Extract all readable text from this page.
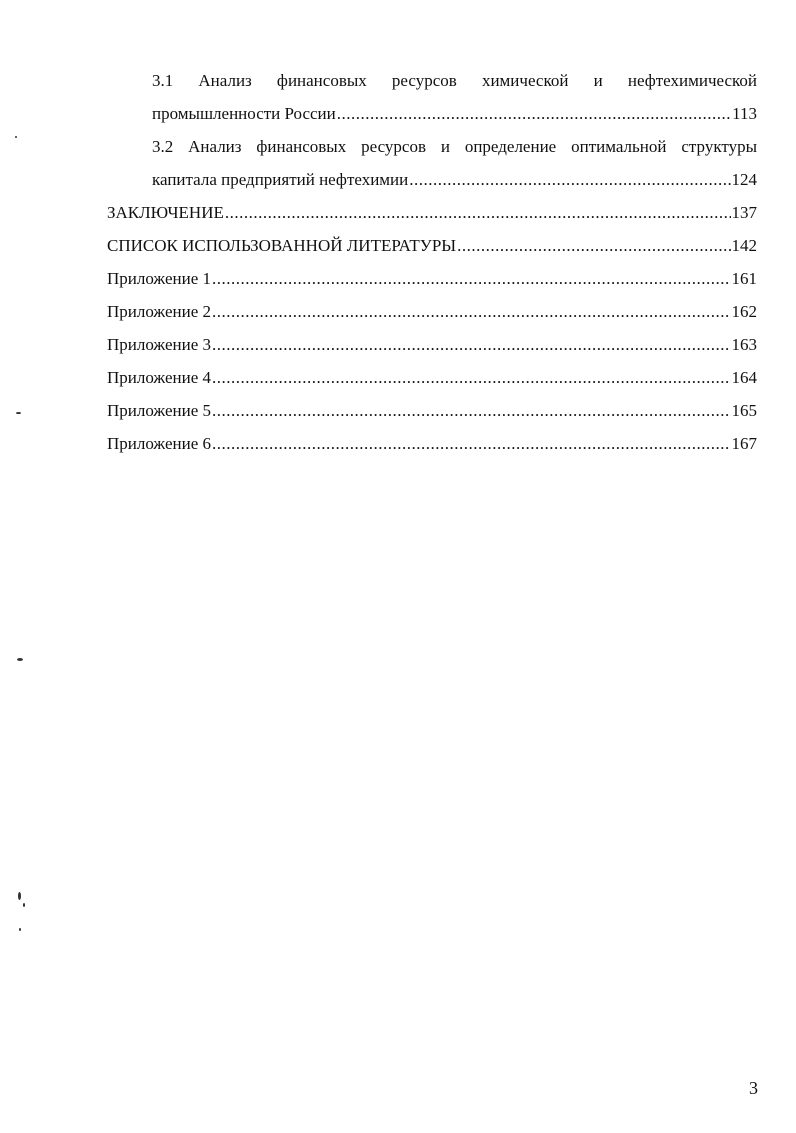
3.1 Анализ финансовых ресурсов химической и нефтехимической
промышленности России .....	113
3.2 Анализ финансовых ресурсов и определение оптимальной структуры
капитала предприятий нефтехимии .....	124
ЗАКЛЮЧЕНИЕ .....	137
СПИСОК ИСПОЛЬЗОВАННОЙ ЛИТЕРАТУРЫ .....	142
Приложение 1 .....	161
Приложение 2 .....	162
Приложение 3 .....	163
Приложение 4 .....	164
Приложение 5 .....	165
Приложение 6 .....	167
3
